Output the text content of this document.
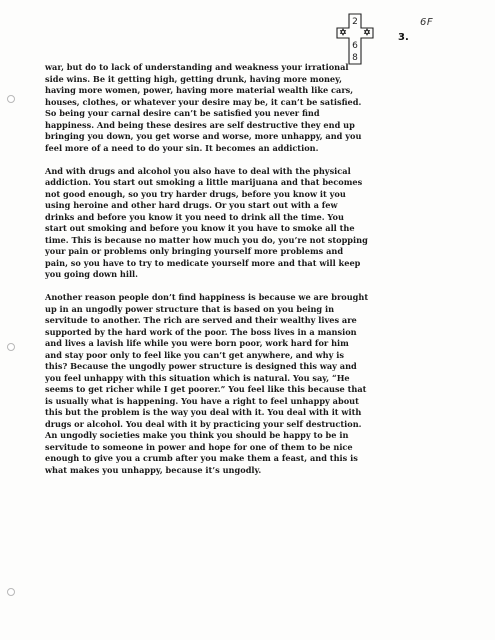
2
6
8
3.
6F
war, but do to lack of understanding and weakness your irrational
side wins. Be it getting high, getting drunk, having more money,
having more women, power, having more material wealth like cars,
houses, clothes, or whatever your desire may be, it can’t be satisfied.
So being your carnal desire can’t be satisfied you never find
happiness. And being these desires are self destructive they end up
bringing you down, you get worse and worse, more unhappy, and you
feel more of a need to do your sin. It becomes an addiction.
And with drugs and alcohol you also have to deal with the physical
addiction. You start out smoking a little marijuana and that becomes
not good enough, so you try harder drugs, before you know it you
using heroine and other hard drugs. Or you start out with a few
drinks and before you know it you need to drink all the time. You
start out smoking and before you know it you have to smoke all the
time. This is because no matter how much you do, you’re not stopping
your pain or problems only bringing yourself more problems and
pain, so you have to try to medicate yourself more and that will keep
you going down hill.
Another reason people don’t find happiness is because we are brought
up in an ungodly power structure that is based on you being in
servitude to another. The rich are served and their wealthy lives are
supported by the hard work of the poor. The boss lives in a mansion
and lives a lavish life while you were born poor, work hard for him
and stay poor only to feel like you can’t get anywhere, and why is
this? Because the ungodly power structure is designed this way and
you feel unhappy with this situation which is natural. You say, “He
seems to get richer while I get poorer.” You feel like this because that
is usually what is happening. You have a right to feel unhappy about
this but the problem is the way you deal with it. You deal with it with
drugs or alcohol. You deal with it by practicing your self destruction.
An ungodly societies make you think you should be happy to be in
servitude to someone in power and hope for one of them to be nice
enough to give you a crumb after you make them a feast, and this is
what makes you unhappy, because it’s ungodly.
